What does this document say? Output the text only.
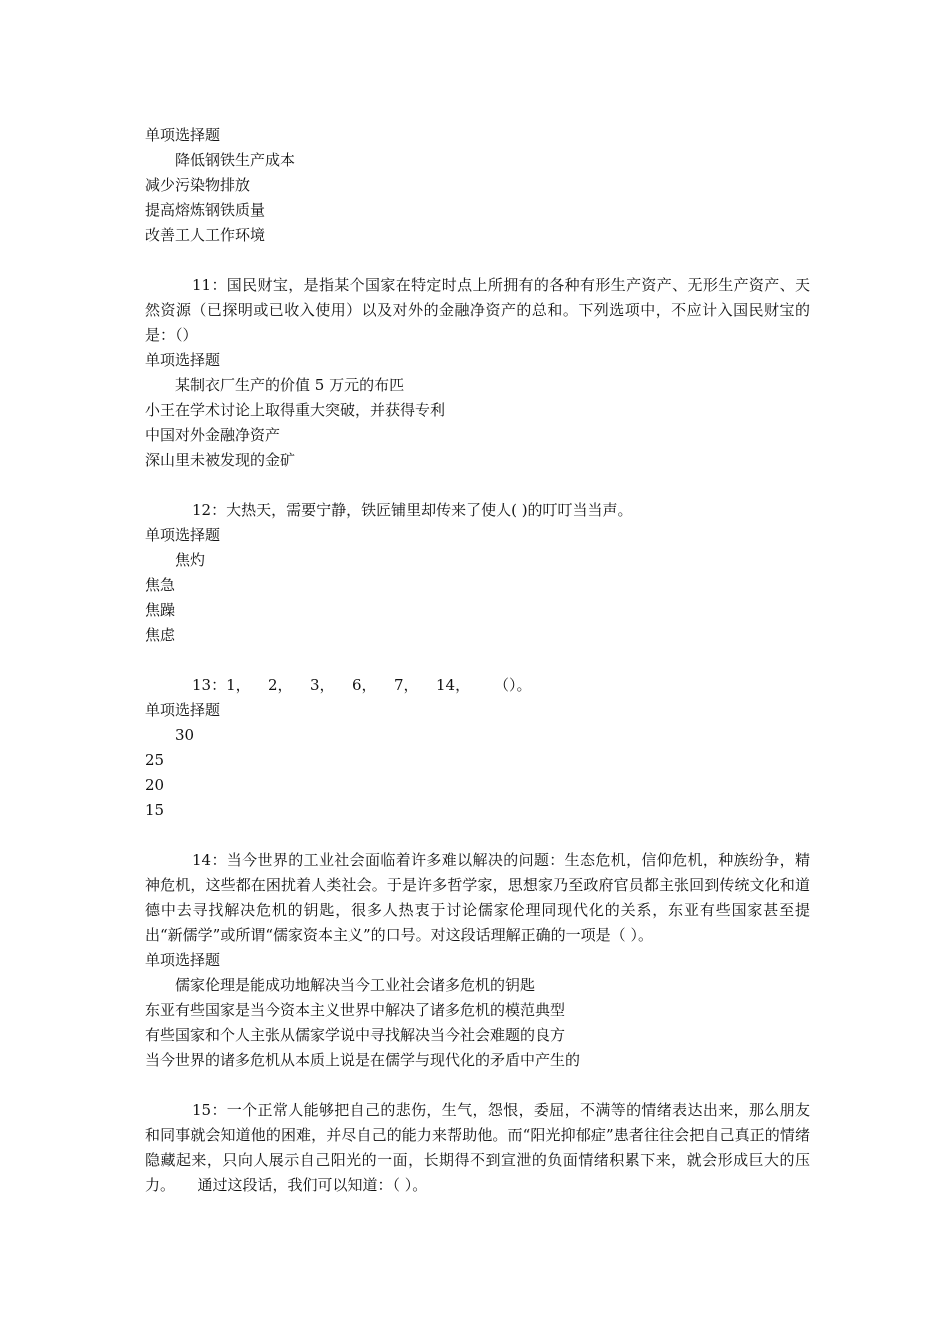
单项选择题
降低钢铁生产成本
减少污染物排放
提高熔炼钢铁质量
改善工人工作环境
11：国民财宝，是指某个国家在特定时点上所拥有的各种有形生产资产、无形生产资产、天然资源（已探明或已收入使用）以及对外的金融净资产的总和。下列选项中，不应计入国民财宝的是：（）
单项选择题
某制衣厂生产的价值 5 万元的布匹
小王在学术讨论上取得重大突破，并获得专利
中国对外金融净资产
深山里未被发现的金矿
12：大热天，需要宁静，铁匠铺里却传来了使人( )的叮叮当当声。
单项选择题
焦灼
焦急
焦躁
焦虑
13：1， 2， 3， 6， 7， 14， （）。
单项选择题
30
25
20
15
14：当今世界的工业社会面临着许多难以解决的问题：生态危机，信仰危机，种族纷争，精神危机，这些都在困扰着人类社会。于是许多哲学家，思想家乃至政府官员都主张回到传统文化和道德中去寻找解决危机的钥匙，很多人热衷于讨论儒家伦理同现代化的关系，东亚有些国家甚至提出“新儒学”或所谓“儒家资本主义”的口号。对这段话理解正确的一项是（ ）。
单项选择题
儒家伦理是能成功地解决当今工业社会诸多危机的钥匙
东亚有些国家是当今资本主义世界中解决了诸多危机的模范典型
有些国家和个人主张从儒家学说中寻找解决当今社会难题的良方
当今世界的诸多危机从本质上说是在儒学与现代化的矛盾中产生的
15：一个正常人能够把自己的悲伤，生气，怨恨，委屈，不满等的情绪表达出来，那么朋友和同事就会知道他的困难，并尽自己的能力来帮助他。而“阳光抑郁症”患者往往会把自己真正的情绪隐藏起来，只向人展示自己阳光的一面，长期得不到宣泄的负面情绪积累下来，就会形成巨大的压力。　　通过这段话，我们可以知道：（ ）。
